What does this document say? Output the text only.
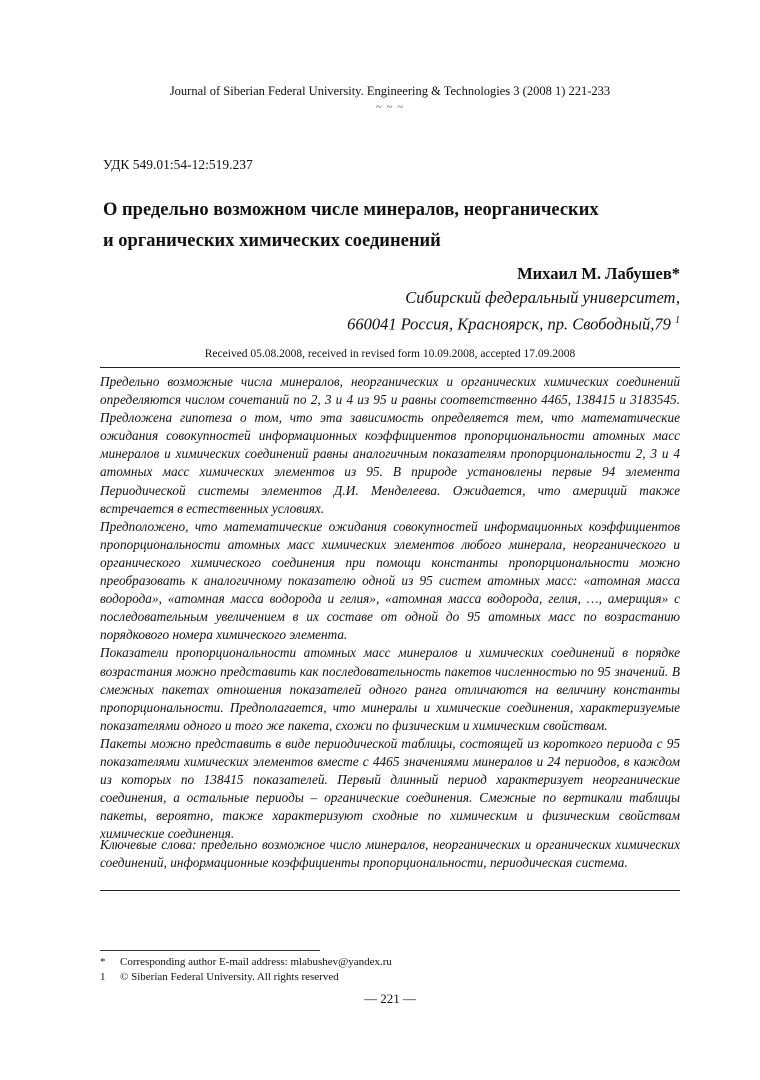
Journal of Siberian Federal University. Engineering & Technologies 3 (2008 1) 221-233
~ ~ ~
УДК 549.01:54-12:519.237
О предельно возможном числе минералов, неорганических
и органических химических соединений
Михаил М. Лабушев*
Сибирский федеральный университет,
660041 Россия, Красноярск, пр. Свободный,79 $^1$
Received 05.08.2008, received in revised form 10.09.2008, accepted 17.09.2008

Предельно возможные числа минералов, неорганических и органических химических соединений определяются числом сочетаний по 2, 3 и 4 из 95 и равны соответственно 4465, 138415 и 3183545. Предложена гипотеза о том, что эта зависимость определяется тем, что математические ожидания совокупностей информационных коэффициентов пропорциональности атомных масс минералов и химических соединений равны аналогичным показателям пропорциональности 2, 3 и 4 атомных масс химических элементов из 95. В природе установлены первые 94 элемента Периодической системы элементов Д.И. Менделеева. Ожидается, что америций также встречается в естественных условиях.

Предположено, что математические ожидания совокупностей информационных коэффициентов пропорциональности атомных масс химических элементов любого минерала, неорганического и органического химического соединения при помощи константы пропорциональности можно преобразовать к аналогичному показателю одной из 95 систем атомных масс: «атомная масса водорода», «атомная масса водорода и гелия», «атомная масса водорода, гелия, …, америция» с последовательным увеличением в их составе от одной до 95 атомных масс по возрастанию порядкового номера химического элемента.

Показатели пропорциональности атомных масс минералов и химических соединений в порядке возрастания можно представить как последовательность пакетов численностью по 95 значений. В смежных пакетах отношения показателей одного ранга отличаются на величину константы пропорциональности. Предполагается, что минералы и химические соединения, характеризуемые показателями одного и того же пакета, схожи по физическим и химическим свойствам.

Пакеты можно представить в виде периодической таблицы, состоящей из короткого периода с 95 показателями химических элементов вместе с 4465 значениями минералов и 24 периодов, в каждом из которых по 138415 показателей. Первый длинный период характеризует неорганические соединения, а остальные периоды – органические соединения. Смежные по вертикали таблицы пакеты, вероятно, также характеризуют сходные по химическим и физическим свойствам химические соединения.

Ключевые слова: предельно возможное число минералов, неорганических и органических химических соединений, информационные коэффициенты пропорциональности, периодическая система.

*	Corresponding author E-mail address: mlabushev@yandex.ru
1	© Siberian Federal University. All rights reserved
― 221 ―
